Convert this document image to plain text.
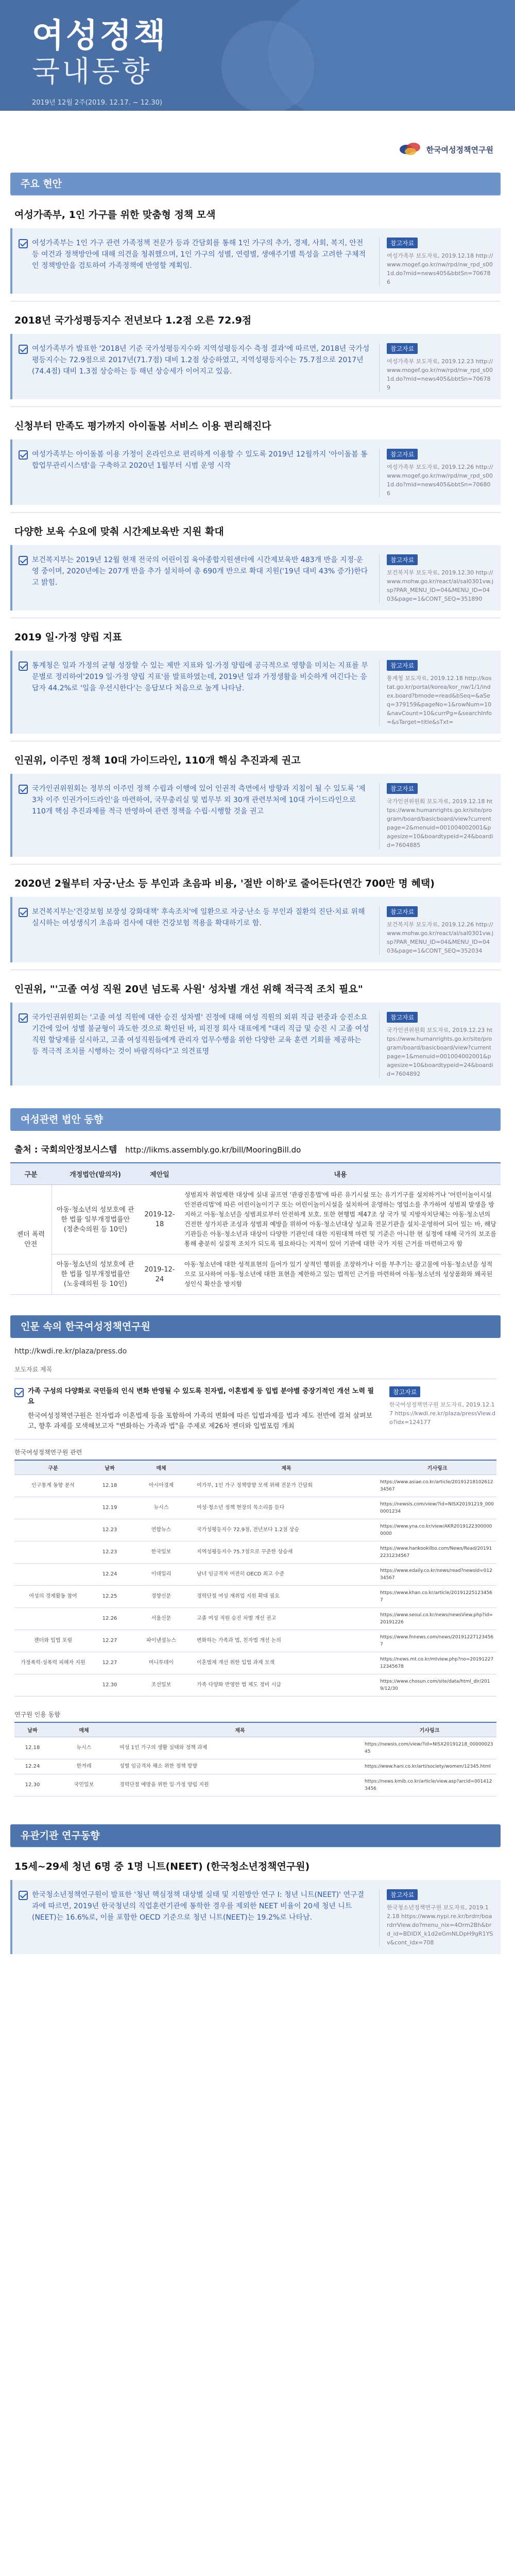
여성정책
국내동향
2019년 12월 2주(2019. 12.17. ~ 12.30)
한국여성정책연구원
주요 현안
여성가족부, 1인 가구를 위한 맞춤형 정책 모색
여성가족부는 1인 가구 관련 가족정책 전문가 등과 간담회를 통해 1인 가구의 추가, 경제, 사회, 복지, 안전 등 여건과 정책방안에 대해 의견을 청취했으며, 1인 가구의 성별, 연령별, 생애주기별 특성을 고려한 구체적인 정책방안을 검토하여 가족정책에 반영할 계획임.
참고자료
여성가족부 보도자료, 2019.12.18 http://www.mogef.go.kr/nw/rpd/nw_rpd_s001d.do?mid=news405&bbtSn=706786
2018년 국가성평등지수 전년보다 1.2점 오른 72.9점
여성가족부가 발표한 '2018년 기준 국가성평등지수와 지역성평등지수 측정 결과'에 따르면, 2018년 국가성평등지수는 72.9점으로 2017년(71.7점) 대비 1.2점 상승하였고, 지역성평등지수는 75.7점으로 2017년(74.4점) 대비 1.3점 상승하는 등 해년 상승세가 이어지고 있음.
참고자료
여성가족부 보도자료, 2019.12.23 http://www.mogef.go.kr/nw/rpd/nw_rpd_s001d.do?mid=news405&bbtSn=706789
신청부터 만족도 평가까지 아이돌봄 서비스 이용 편리해진다
여성가족부는 아이돌봄 이용 가정이 온라인으로 편리하게 이용할 수 있도록 2019년 12월까지 '아이돌봄 통합업무관리시스템'을 구축하고 2020년 1월부터 시범 운영 시작
참고자료
여성가족부 보도자료, 2019.12.26 http://www.mogef.go.kr/nw/rpd/nw_rpd_s001d.do?mid=news405&bbtSn=706806
다양한 보육 수요에 맞춰 시간제보육반 지원 확대
보건복지부는 2019년 12월 현재 전국의 어린이집 육아종합지원센터에 시간제보육반 483개 반을 지정·운영 중이며, 2020년에는 207개 반을 추가 설치하여 총 690개 반으로 확대 지원('19년 대비 43% 증가)한다고 밝힘.
참고자료
보건복지부 보도자료, 2019.12.30 http://www.mohw.go.kr/react/al/sal0301vw.jsp?PAR_MENU_ID=04&MENU_ID=0403&page=1&CONT_SEQ=351890
2019 일·가정 양립 지표
통계청은 일과 가정의 균형 성장할 수 있는 제반 지표와 일·가정 양립에 공극적으로 영향을 미치는 지표를 부문별로 정리하여'2019 일·가정 양립 지표'를 발표하였는데, 2019년 일과 가정생활을 비슷하게 여긴다는 응답자 44.2%로 '일을 우선시한다'는 응답보다 처음으로 높게 나타남.
참고자료
통계청 보도자료, 2019.12.18 http://kostat.go.kr/portal/korea/kor_nw/1/1/index.board?bmode=read&bSeq=&aSeq=379159&pageNo=1&rowNum=10&navCount=10&currPg=&searchInfo=&sTarget=title&sTxt=
인권위, 이주민 정책 10대 가이드라인, 110개 핵심 추진과제 권고
국가인권위원회는 정부의 이주민 정책 수립과 이행에 있어 인권적 측면에서 방향과 지침이 될 수 있도록 '제3차 이주 인권가이드라인'을 마련하여, 국무총리실 및 법무부 외 30개 관련부처에 10대 가이드라인으로 110개 핵심 추진과제를 적극 반영하여 관련 정책을 수립·시행할 것을 권고
참고자료
국가인권위원회 보도자료, 2019.12.18 https://www.humanrights.go.kr/site/program/board/basicboard/view?currentpage=2&menuid=001004002001&pagesize=10&boardtypeid=24&boardid=7604885
2020년 2월부터 자궁·난소 등 부인과 초음파 비용, '절반 이하'로 줄어든다(연간 700만 명 혜택)
보건복지부는'건강보험 보장성 강화대책' 후속조치'에 일환으로 자궁·난소 등 부인과 질환의 진단·치료 위해 실시하는 여성생식기 초음파 검사에 대한 건강보험 적용을 확대하기로 함.
참고자료
보건복지부 보도자료, 2019.12.26 http://www.mohw.go.kr/react/al/sal0301vw.jsp?PAR_MENU_ID=04&MENU_ID=0403&page=1&CONT_SEQ=352034
인권위, "'고졸 여성 직원 20년 넘도록 사원' 성차별 개선 위해 적극적 조치 필요"
국가인권위원회는 '고졸 여성 직원에 대한 승진 성차별' 진정에 대해 여성 직원의 외위 직급 편중과 승진소요기간에 있어 성별 불균형이 과도한 것으로 확인된 바, 피진정 회사 대표에게 "대리 직급 및 승진 시 고졸 여성 직원 할당제를 실시하고, 고졸 여성직원들에게 관리자 업무수행을 위한 다양한 교육 훈련 기회를 제공하는 등 적극적 조치를 시행하는 것이 바람직하다"고 의견표명
참고자료
국가인권위원회 보도자료, 2019.12.23 https://www.humanrights.go.kr/site/program/board/basicboard/view?currentpage=1&menuid=001004002001&pagesize=10&boardtypeid=24&boardid=7604892
여성관련 법안 동향
출처 : 국회의안정보시스템 http://likms.assembly.go.kr/bill/MooringBill.do
구분	개정법안(발의자)	제안일	내용
젠더 폭력 안전	아동·청소년의 성보호에 관한 법률 일부개정법률안 (정춘숙의원 등 10인)	2019-12-18	성범죄자 취업제한 대상에 실내 골프연 '관광진흥법'에 따른 유기시설 또는 유기기구를 설치하거나 '어린이놀이시설 안전관리법'에 따른 어린이놀이기구 또는 어린이놀이시설을 설치하여 운영하는 영업소를 추가하여 성범죄 발생을 방지하고 아동·청소년을 성범죄로부터 안전하게 보호. 또한 현행법 제47조 상 국가 및 지방자치단체는 아동·청소년의 건전한 성가치관 조성과 성범죄 예방을 위하여 아동·청소년대상 성교육 전문기관을 설치·운영하여 되어 있는 바, 해당 기관들은 아동·청소년과 대상이 다양한 기관인데 대한 지원대책 마련 및 기준은 아니한 현 실정에 대해 국가의 보조를 통해 충분히 실질적 조치가 되도록 필요하다는 지적이 있어 기관에 대한 국가 지원 근거를 마련하고자 함
	아동·청소년의 성보호에 관한 법률 일부개정법률안 (노웅래의원 등 10인)	2019-12-24	아동·청소년에 대한 성적표현의 들어가 있기 상적인 행위를 조장하거나 이를 부추기는 광고물에 아동·청소년을 성적으로 묘사하여 아동·청소년에 대한 표현을 제한하고 있는 법적인 근거를 마련하여 아동·청소년의 성상품화와 왜곡된 성인식 확산을 방지함
인문 속의 한국여성정책연구원
http://kwdi.re.kr/plaza/press.do
보도자료 제목
가족 구성의 다양화로 국민들의 인식 변화 반영될 수 있도록 친자법, 이혼법제 등 입법 분야별 중장기적인 개선 노력 필요
한국여성정책연구원은 친자법과 이혼법제 등을 포함하여 가족의 변화에 따른 입법과제를 법과 제도 전반에 걸쳐 살펴보고, 향후 과제를 모색해보고자 "변화하는 가족과 법"을 주제로 제26차 젠더와 입법포럼 개최
참고자료
한국여성정책연구원 보도자료, 2019.12.17 https://kwdi.re.kr/plaza/pressView.do?idx=124177
한국여성정책연구원 관련
구분	날짜	매체	제목	기사링크
인구통계 동향 분석	12.18	아시아경제	여가부, 1인 가구 정책방향 모색 위해 전문가 간담회	https://www.asiae.co.kr/article/2019121810261234567
	12.19	뉴시스	여성·청소년 정책 현장의 목소리를 듣다	https://newsis.com/view/?id=NISX20191219_0000001234
	12.23	연합뉴스	국가성평등지수 72.9점, 전년보다 1.2점 상승	https://www.yna.co.kr/view/AKR20191223000000000
	12.23	한국일보	지역성평등지수 75.7점으로 꾸준한 상승세	https://www.hankookilbo.com/News/Read/201912231234567
	12.24	이데일리	남녀 임금격차 여전히 OECD 최고 수준	https://www.edaily.co.kr/news/read?newsId=01234567
여성의 경제활동 참여	12.25	경향신문	경력단절 여성 재취업 지원 확대 필요	https://www.khan.co.kr/article/201912251234567
	12.26	서울신문	고졸 여성 직원 승진 차별 개선 권고	https://www.seoul.co.kr/news/newsView.php?id=20191226
젠더와 입법 포럼	12.27	파이낸셜뉴스	변화하는 가족과 법, 친자법 개선 논의	https://www.fnnews.com/news/201912271234567
가정폭력·성폭력 피해자 지원	12.27	머니투데이	이혼법제 개선 위한 입법 과제 모색	https://news.mt.co.kr/mtview.php?no=2019122712345678
	12.30	조선일보	가족 다양화 반영한 법 제도 정비 시급	https://www.chosun.com/site/data/html_dir/2019/12/30
연구원 인용 동향
날짜	매체	제목	기사링크
12.18	뉴시스	여성 1인 가구의 생활 실태와 정책 과제	https://newsis.com/view/?id=NISX20191218_0000002345
12.24	한겨레	성별 임금격차 해소 위한 정책 방향	https://www.hani.co.kr/arti/society/women/12345.html
12.30	국민일보	경력단절 예방을 위한 일·가정 양립 지원	https://news.kmib.co.kr/article/view.asp?arcid=0014123456
유관기관 연구동향
15세~29세 청년 6명 중 1명 니트(NEET) (한국청소년정책연구원)
한국청소년정책연구원이 발표한 '청년 핵심정책 대상별 실태 및 지원방안 연구 I: 청년 니트(NEET)' 연구결과에 따르면, 2019년 한국청년의 직업훈련기관에 통학한 경우를 제외한 NEET 비율이 20세 청년 니트(NEET)는 16.6%로, 이를 포함한 OECD 기준으로 청년 니트(NEET)는 19.2%로 나타남.
참고자료
한국청소년정책연구원 보도자료, 2019.12.18 https://www.nypi.re.kr/brdrr/boardrrView.do?menu_nix=4Orm2Bh&brd_id=BDIDX_k1d2eGmNLDpH9gR1YSv&cont_idx=708
